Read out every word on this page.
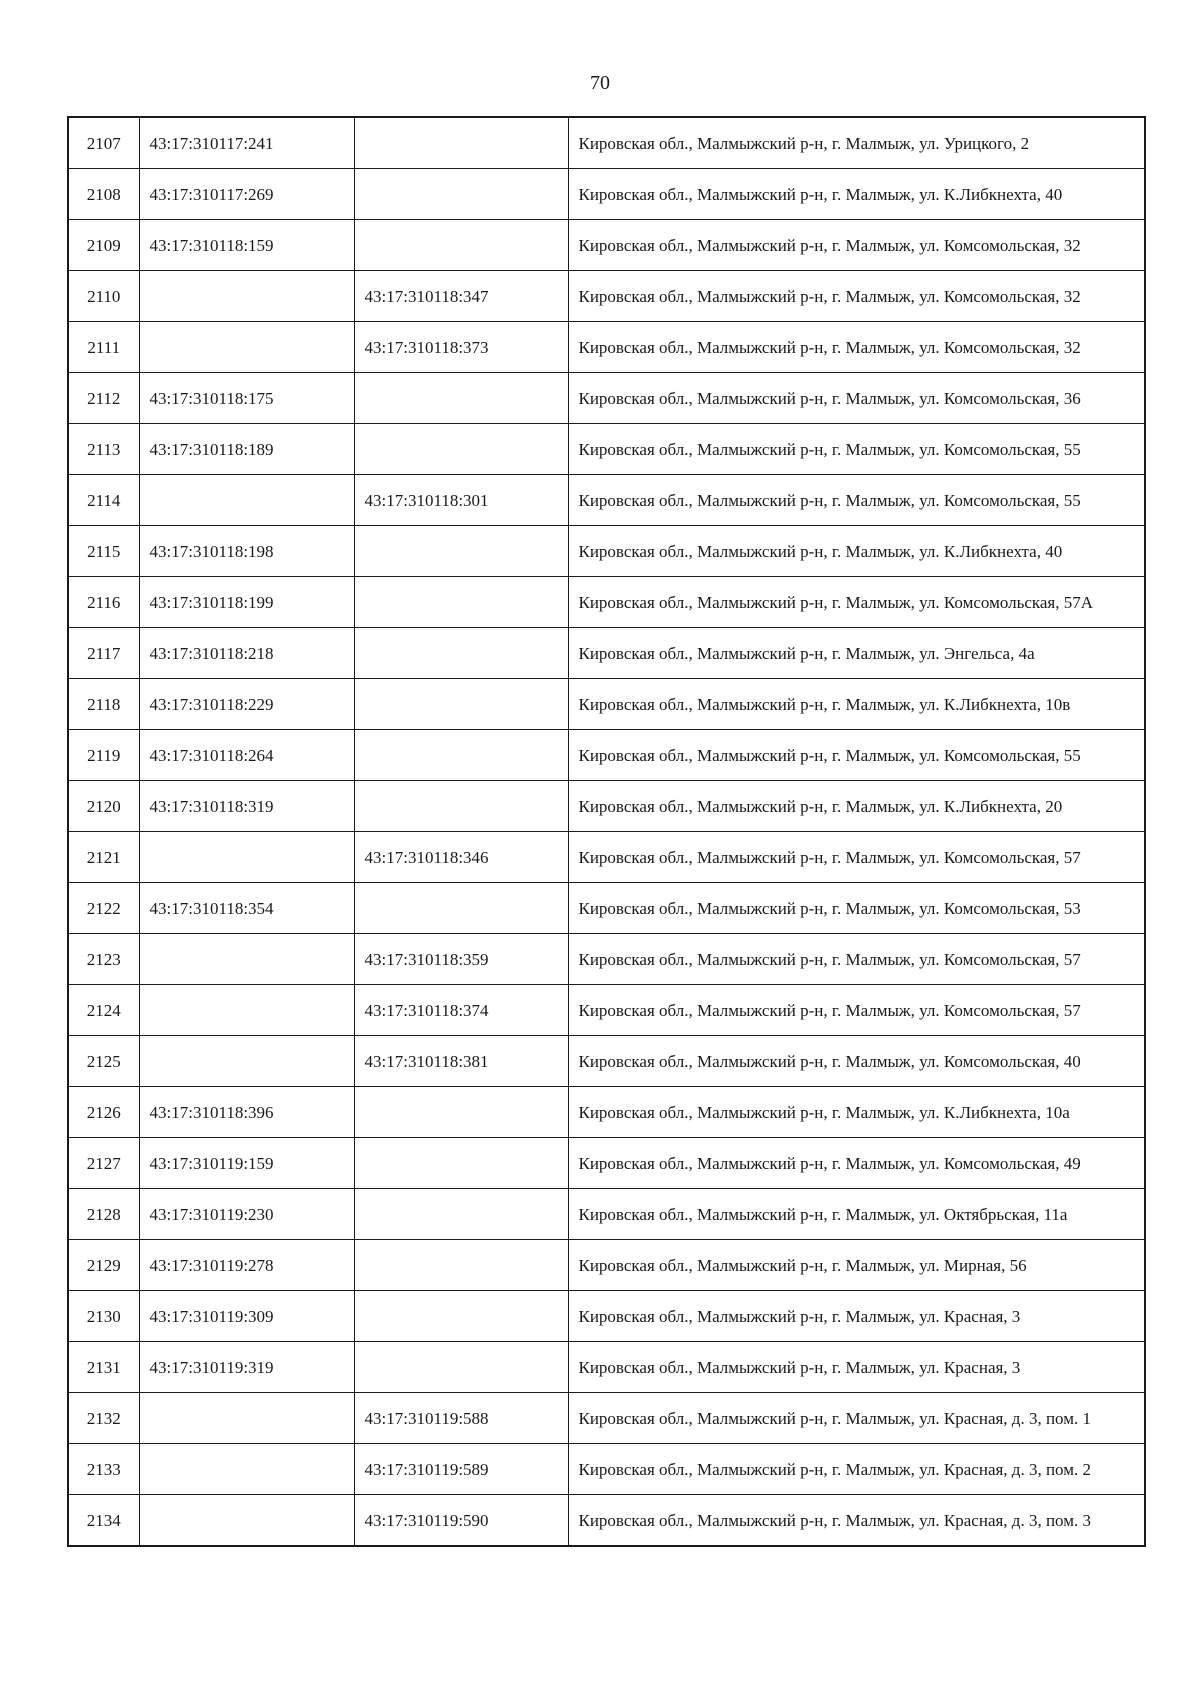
70
2107	43:17:310117:241		Кировская обл., Малмыжский р-н, г. Малмыж, ул. Урицкого, 2
2108	43:17:310117:269		Кировская обл., Малмыжский р-н, г. Малмыж, ул. К.Либкнехта, 40
2109	43:17:310118:159		Кировская обл., Малмыжский р-н, г. Малмыж, ул. Комсомольская, 32
2110		43:17:310118:347	Кировская обл., Малмыжский р-н, г. Малмыж, ул. Комсомольская, 32
2111		43:17:310118:373	Кировская обл., Малмыжский р-н, г. Малмыж, ул. Комсомольская, 32
2112	43:17:310118:175		Кировская обл., Малмыжский р-н, г. Малмыж, ул. Комсомольская, 36
2113	43:17:310118:189		Кировская обл., Малмыжский р-н, г. Малмыж, ул. Комсомольская, 55
2114		43:17:310118:301	Кировская обл., Малмыжский р-н, г. Малмыж, ул. Комсомольская, 55
2115	43:17:310118:198		Кировская обл., Малмыжский р-н, г. Малмыж, ул. К.Либкнехта, 40
2116	43:17:310118:199		Кировская обл., Малмыжский р-н, г. Малмыж, ул. Комсомольская, 57А
2117	43:17:310118:218		Кировская обл., Малмыжский р-н, г. Малмыж, ул. Энгельса, 4а
2118	43:17:310118:229		Кировская обл., Малмыжский р-н, г. Малмыж, ул. К.Либкнехта, 10в
2119	43:17:310118:264		Кировская обл., Малмыжский р-н, г. Малмыж, ул. Комсомольская, 55
2120	43:17:310118:319		Кировская обл., Малмыжский р-н, г. Малмыж, ул. К.Либкнехта, 20
2121		43:17:310118:346	Кировская обл., Малмыжский р-н, г. Малмыж, ул. Комсомольская, 57
2122	43:17:310118:354		Кировская обл., Малмыжский р-н, г. Малмыж, ул. Комсомольская, 53
2123		43:17:310118:359	Кировская обл., Малмыжский р-н, г. Малмыж, ул. Комсомольская, 57
2124		43:17:310118:374	Кировская обл., Малмыжский р-н, г. Малмыж, ул. Комсомольская, 57
2125		43:17:310118:381	Кировская обл., Малмыжский р-н, г. Малмыж, ул. Комсомольская, 40
2126	43:17:310118:396		Кировская обл., Малмыжский р-н, г. Малмыж, ул. К.Либкнехта, 10а
2127	43:17:310119:159		Кировская обл., Малмыжский р-н, г. Малмыж, ул. Комсомольская, 49
2128	43:17:310119:230		Кировская обл., Малмыжский р-н, г. Малмыж, ул. Октябрьская, 11а
2129	43:17:310119:278		Кировская обл., Малмыжский р-н, г. Малмыж, ул. Мирная, 56
2130	43:17:310119:309		Кировская обл., Малмыжский р-н, г. Малмыж, ул. Красная, 3
2131	43:17:310119:319		Кировская обл., Малмыжский р-н, г. Малмыж, ул. Красная, 3
2132		43:17:310119:588	Кировская обл., Малмыжский р-н, г. Малмыж, ул. Красная, д. 3, пом. 1
2133		43:17:310119:589	Кировская обл., Малмыжский р-н, г. Малмыж, ул. Красная, д. 3, пом. 2
2134		43:17:310119:590	Кировская обл., Малмыжский р-н, г. Малмыж, ул. Красная, д. 3, пом. 3
